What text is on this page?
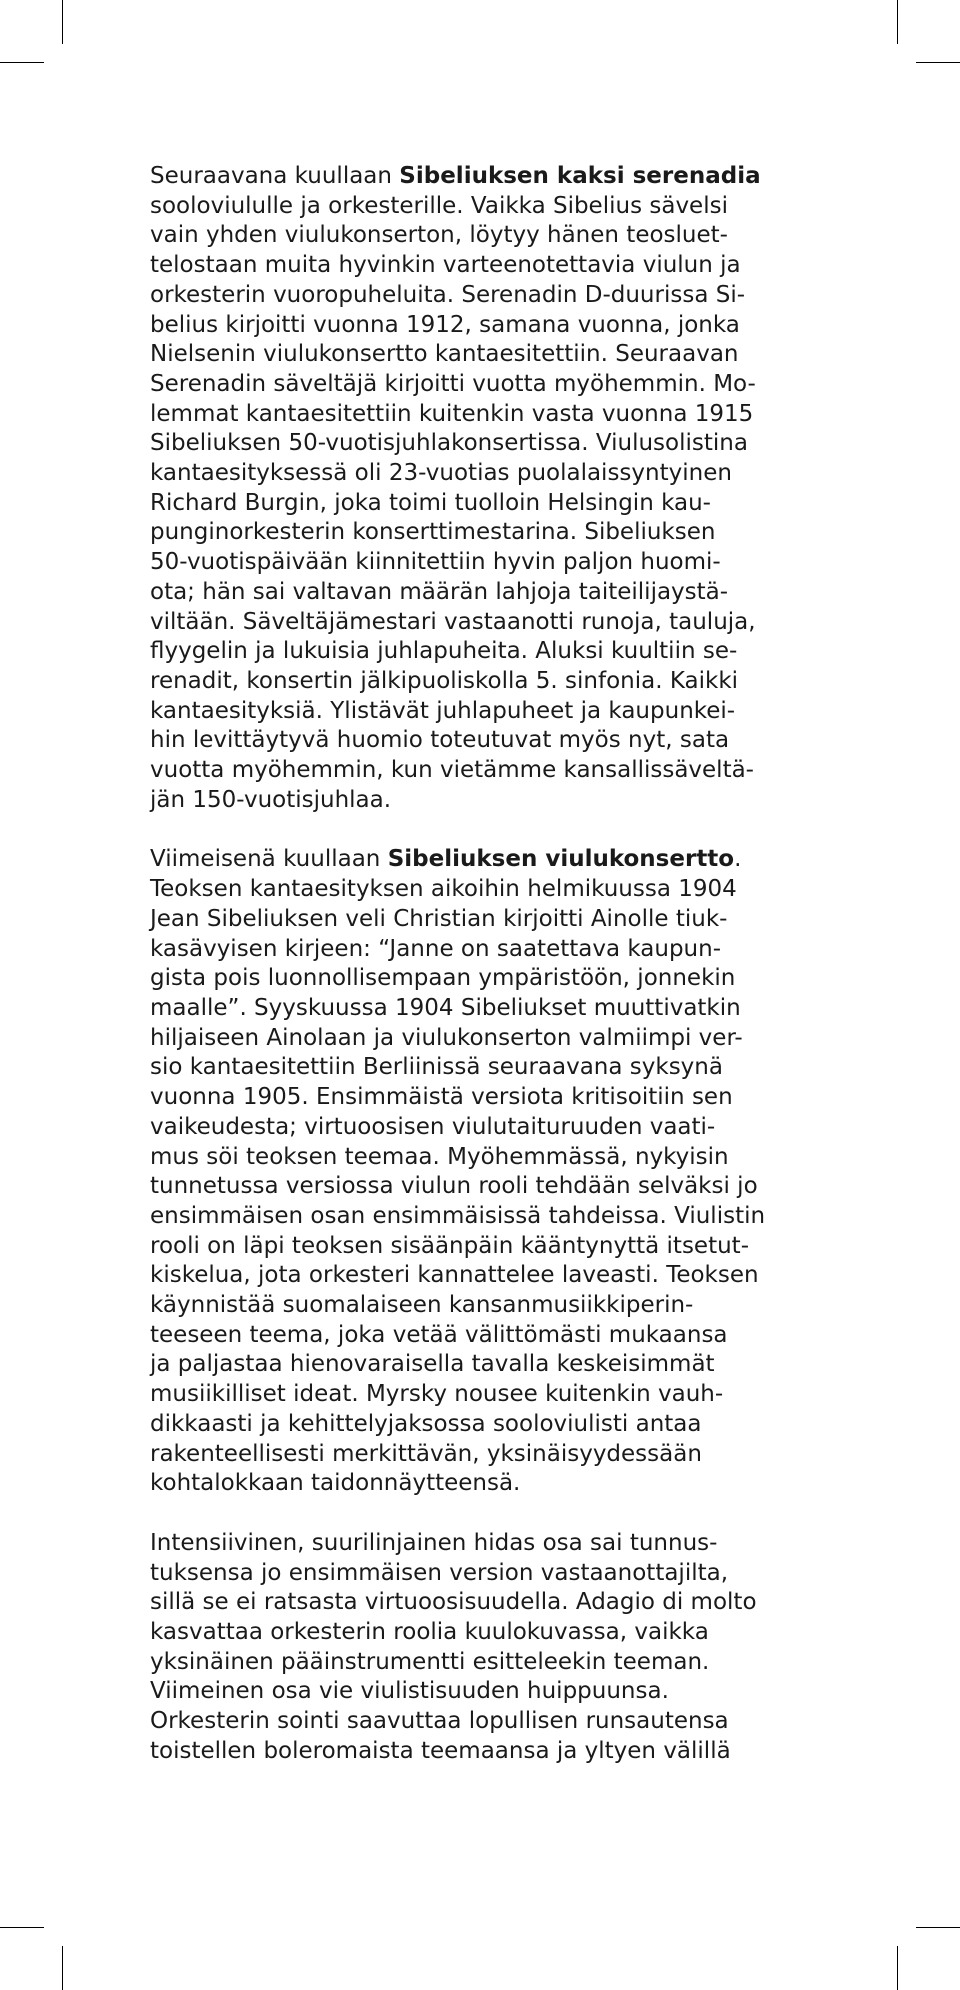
Seuraavana kuullaan Sibeliuksen kaksi serenadia
sooloviululle ja orkesterille. Vaikka Sibelius sävelsi
vain yhden viulukonserton, löytyy hänen teosluet-
telostaan muita hyvinkin varteenotettavia viulun ja
orkesterin vuoropuheluita. Serenadin D-duurissa Si-
belius kirjoitti vuonna 1912, samana vuonna, jonka
Nielsenin viulukonsertto kantaesitettiin. Seuraavan
Serenadin säveltäjä kirjoitti vuotta myöhemmin. Mo-
lemmat kantaesitettiin kuitenkin vasta vuonna 1915
Sibeliuksen 50-vuotisjuhlakonsertissa. Viulusolistina
kantaesityksessä oli 23-vuotias puolalaissyntyinen
Richard Burgin, joka toimi tuolloin Helsingin kau-
punginorkesterin konserttimestarina. Sibeliuksen
50-vuotispäivään kiinnitettiin hyvin paljon huomi-
ota; hän sai valtavan määrän lahjoja taiteilijaystä-
viltään. Säveltäjämestari vastaanotti runoja, tauluja,
flyygelin ja lukuisia juhlapuheita. Aluksi kuultiin se-
renadit, konsertin jälkipuoliskolla 5. sinfonia. Kaikki
kantaesityksiä. Ylistävät juhlapuheet ja kaupunkei-
hin levittäytyvä huomio toteutuvat myös nyt, sata
vuotta myöhemmin, kun vietämme kansallissäveltä-
jän 150-vuotisjuhlaa.

Viimeisenä kuullaan Sibeliuksen viulukonsertto.
Teoksen kantaesityksen aikoihin helmikuussa 1904
Jean Sibeliuksen veli Christian kirjoitti Ainolle tiuk-
kasävyisen kirjeen: “Janne on saatettava kaupun-
gista pois luonnollisempaan ympäristöön, jonnekin
maalle”. Syyskuussa 1904 Sibeliukset muuttivatkin
hiljaiseen Ainolaan ja viulukonserton valmiimpi ver-
sio kantaesitettiin Berliinissä seuraavana syksynä
vuonna 1905. Ensimmäistä versiota kritisoitiin sen
vaikeudesta; virtuoosisen viulutaituruuden vaati-
mus söi teoksen teemaa. Myöhemmässä, nykyisin
tunnetussa versiossa viulun rooli tehdään selväksi jo
ensimmäisen osan ensimmäisissä tahdeissa. Viulistin
rooli on läpi teoksen sisäänpäin kääntynyttä itsetut-
kiskelua, jota orkesteri kannattelee laveasti. Teoksen
käynnistää suomalaiseen kansanmusiikkiperin-
teeseen teema, joka vetää välittömästi mukaansa
ja paljastaa hienovaraisella tavalla keskeisimmät
musiikilliset ideat. Myrsky nousee kuitenkin vauh-
dikkaasti ja kehittelyjaksossa sooloviulisti antaa
rakenteellisesti merkittävän, yksinäisyydessään
kohtalokkaan taidonnäytteensä.

Intensiivinen, suurilinjainen hidas osa sai tunnus-
tuksensa jo ensimmäisen version vastaanottajilta,
sillä se ei ratsasta virtuoosisuudella. Adagio di molto
kasvattaa orkesterin roolia kuulokuvassa, vaikka
yksinäinen pääinstrumentti esitteleekin teeman.
Viimeinen osa vie viulistisuuden huippuunsa.
Orkesterin sointi saavuttaa lopullisen runsautensa
toistellen boleromaista teemaansa ja yltyen välillä
